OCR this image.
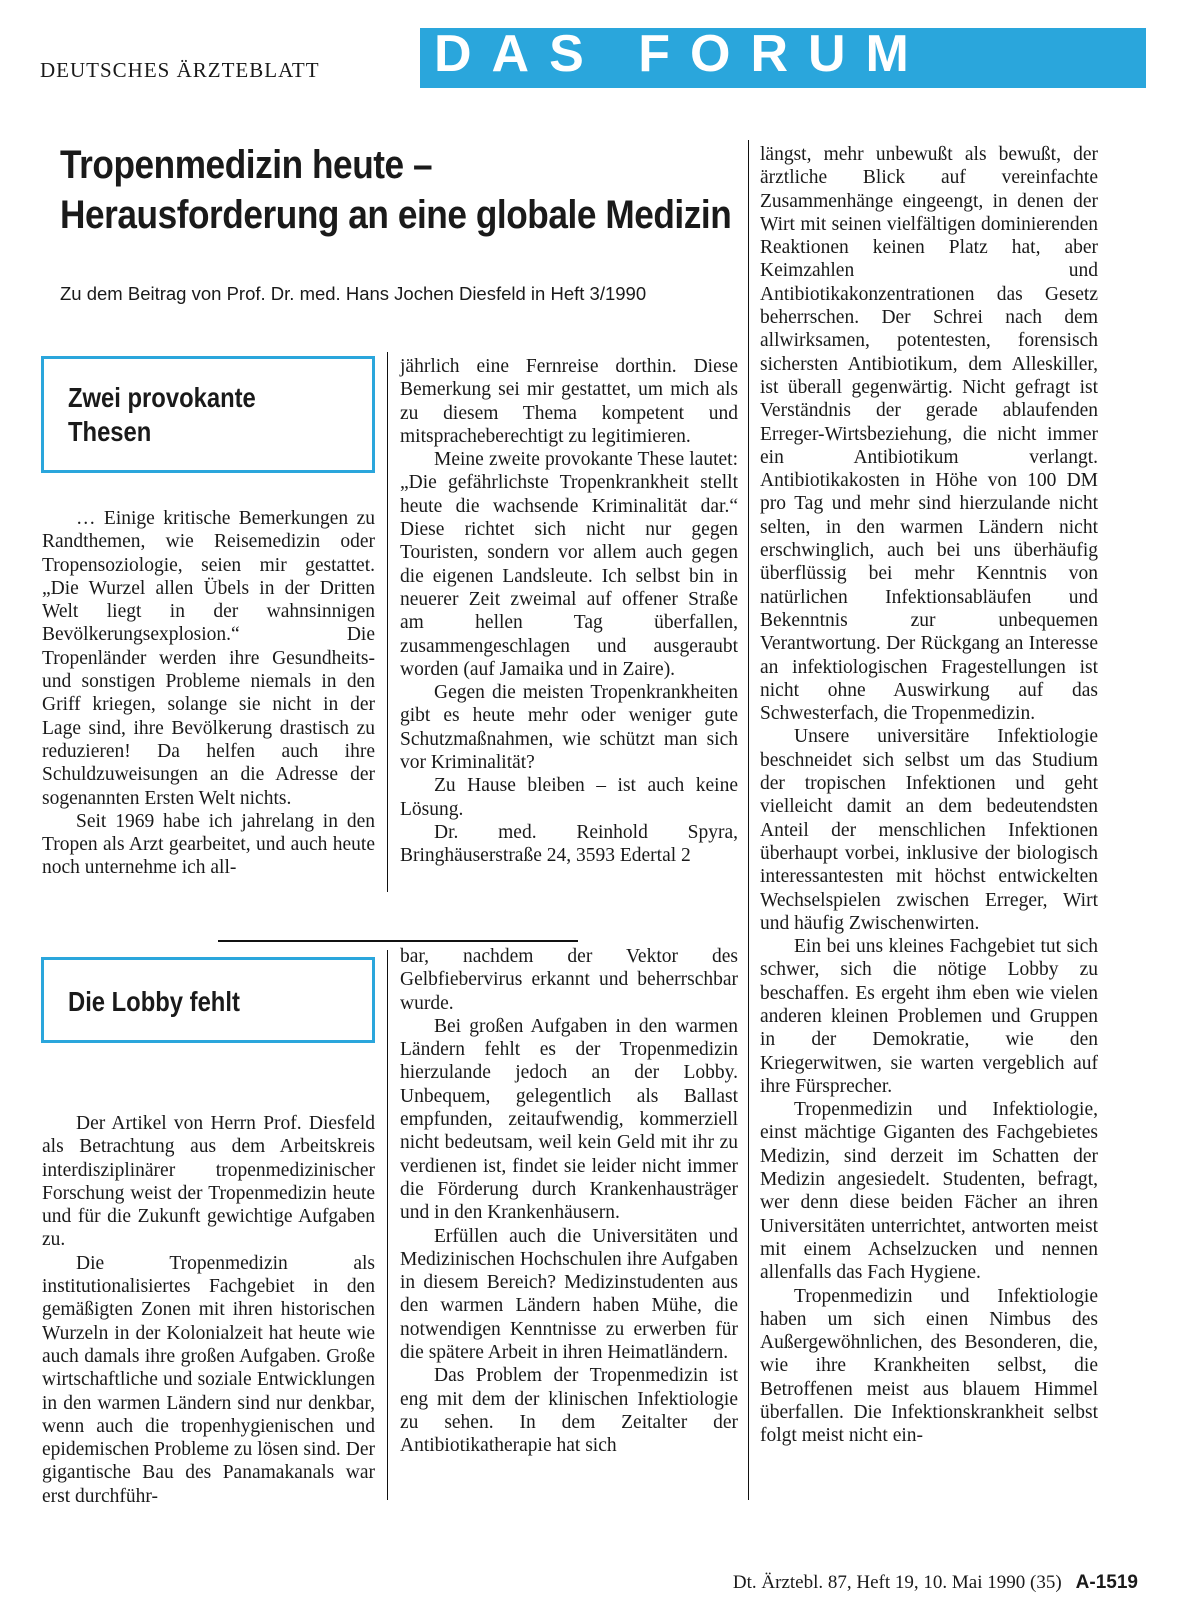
DEUTSCHES ÄRZTEBLATT DAS FORUM
Tropenmedizin heute –
Herausforderung an eine globale Medizin
Zu dem Beitrag von Prof. Dr. med. Hans Jochen Diesfeld in Heft 3/1990
Zwei provokante Thesen

… Einige kritische Bemerkungen zu Randthemen, wie Reisemedizin oder Tropensoziologie, seien mir gestattet. „Die Wurzel allen Übels in der Dritten Welt liegt in der wahnsinnigen Bevölkerungsexplosion.“ Die Tropenländer werden ihre Gesundheits- und sonstigen Probleme niemals in den Griff kriegen, solange sie nicht in der Lage sind, ihre Bevölkerung drastisch zu reduzieren! Da helfen auch ihre Schuldzuweisungen an die Adresse der sogenannten Ersten Welt nichts.

Seit 1969 habe ich jahrelang in den Tropen als Arzt gearbeitet, und auch heute noch unternehme ich all-

jährlich eine Fernreise dorthin. Diese Bemerkung sei mir gestattet, um mich als zu diesem Thema kompetent und mitspracheberechtigt zu legitimieren.

Meine zweite provokante These lautet: „Die gefährlichste Tropenkrankheit stellt heute die wachsende Kriminalität dar.“ Diese richtet sich nicht nur gegen Touristen, sondern vor allem auch gegen die eigenen Landsleute. Ich selbst bin in neuerer Zeit zweimal auf offener Straße am hellen Tag überfallen, zusammengeschlagen und ausgeraubt worden (auf Jamaika und in Zaire).

Gegen die meisten Tropenkrankheiten gibt es heute mehr oder weniger gute Schutzmaßnahmen, wie schützt man sich vor Kriminalität?

Zu Hause bleiben – ist auch keine Lösung.

Dr. med. Reinhold Spyra, Bringhäuserstraße 24, 3593 Edertal 2

Die Lobby fehlt

Der Artikel von Herrn Prof. Diesfeld als Betrachtung aus dem Arbeitskreis interdisziplinärer tropenmedizinischer Forschung weist der Tropenmedizin heute und für die Zukunft gewichtige Aufgaben zu.

Die Tropenmedizin als institutionalisiertes Fachgebiet in den gemäßigten Zonen mit ihren historischen Wurzeln in der Kolonialzeit hat heute wie auch damals ihre großen Aufgaben. Große wirtschaftliche und soziale Entwicklungen in den warmen Ländern sind nur denkbar, wenn auch die tropenhygienischen und epidemischen Probleme zu lösen sind. Der gigantische Bau des Panamakanals war erst durchführ-

bar, nachdem der Vektor des Gelbfiebervirus erkannt und beherrschbar wurde.

Bei großen Aufgaben in den warmen Ländern fehlt es der Tropenmedizin hierzulande jedoch an der Lobby. Unbequem, gelegentlich als Ballast empfunden, zeitaufwendig, kommerziell nicht bedeutsam, weil kein Geld mit ihr zu verdienen ist, findet sie leider nicht immer die Förderung durch Krankenhausträger und in den Krankenhäusern.

Erfüllen auch die Universitäten und Medizinischen Hochschulen ihre Aufgaben in diesem Bereich? Medizinstudenten aus den warmen Ländern haben Mühe, die notwendigen Kenntnisse zu erwerben für die spätere Arbeit in ihren Heimatländern.

Das Problem der Tropenmedizin ist eng mit dem der klinischen Infektiologie zu sehen. In dem Zeitalter der Antibiotikatherapie hat sich

längst, mehr unbewußt als bewußt, der ärztliche Blick auf vereinfachte Zusammenhänge eingeengt, in denen der Wirt mit seinen vielfältigen dominierenden Reaktionen keinen Platz hat, aber Keimzahlen und Antibiotikakonzentrationen das Gesetz beherrschen. Der Schrei nach dem allwirksamen, potentesten, forensisch sichersten Antibiotikum, dem Alleskiller, ist überall gegenwärtig. Nicht gefragt ist Verständnis der gerade ablaufenden Erreger-Wirtsbeziehung, die nicht immer ein Antibiotikum verlangt. Antibiotikakosten in Höhe von 100 DM pro Tag und mehr sind hierzulande nicht selten, in den warmen Ländern nicht erschwinglich, auch bei uns überhäufig überflüssig bei mehr Kenntnis von natürlichen Infektionsabläufen und Bekenntnis zur unbequemen Verantwortung. Der Rückgang an Interesse an infektiologischen Fragestellungen ist nicht ohne Auswirkung auf das Schwesterfach, die Tropenmedizin.

Unsere universitäre Infektiologie beschneidet sich selbst um das Studium der tropischen Infektionen und geht vielleicht damit an dem bedeutendsten Anteil der menschlichen Infektionen überhaupt vorbei, inklusive der biologisch interessantesten mit höchst entwickelten Wechselspielen zwischen Erreger, Wirt und häufig Zwischenwirten.

Ein bei uns kleines Fachgebiet tut sich schwer, sich die nötige Lobby zu beschaffen. Es ergeht ihm eben wie vielen anderen kleinen Problemen und Gruppen in der Demokratie, wie den Kriegerwitwen, sie warten vergeblich auf ihre Fürsprecher.

Tropenmedizin und Infektiologie, einst mächtige Giganten des Fachgebietes Medizin, sind derzeit im Schatten der Medizin angesiedelt. Studenten, befragt, wer denn diese beiden Fächer an ihren Universitäten unterrichtet, antworten meist mit einem Achselzucken und nennen allenfalls das Fach Hygiene.

Tropenmedizin und Infektiologie haben um sich einen Nimbus des Außergewöhnlichen, des Besonderen, die, wie ihre Krankheiten selbst, die Betroffenen meist aus blauem Himmel überfallen. Die Infektionskrankheit selbst folgt meist nicht ein-

Dt. Ärztebl. 87, Heft 19, 10. Mai 1990 (35) A-1519
